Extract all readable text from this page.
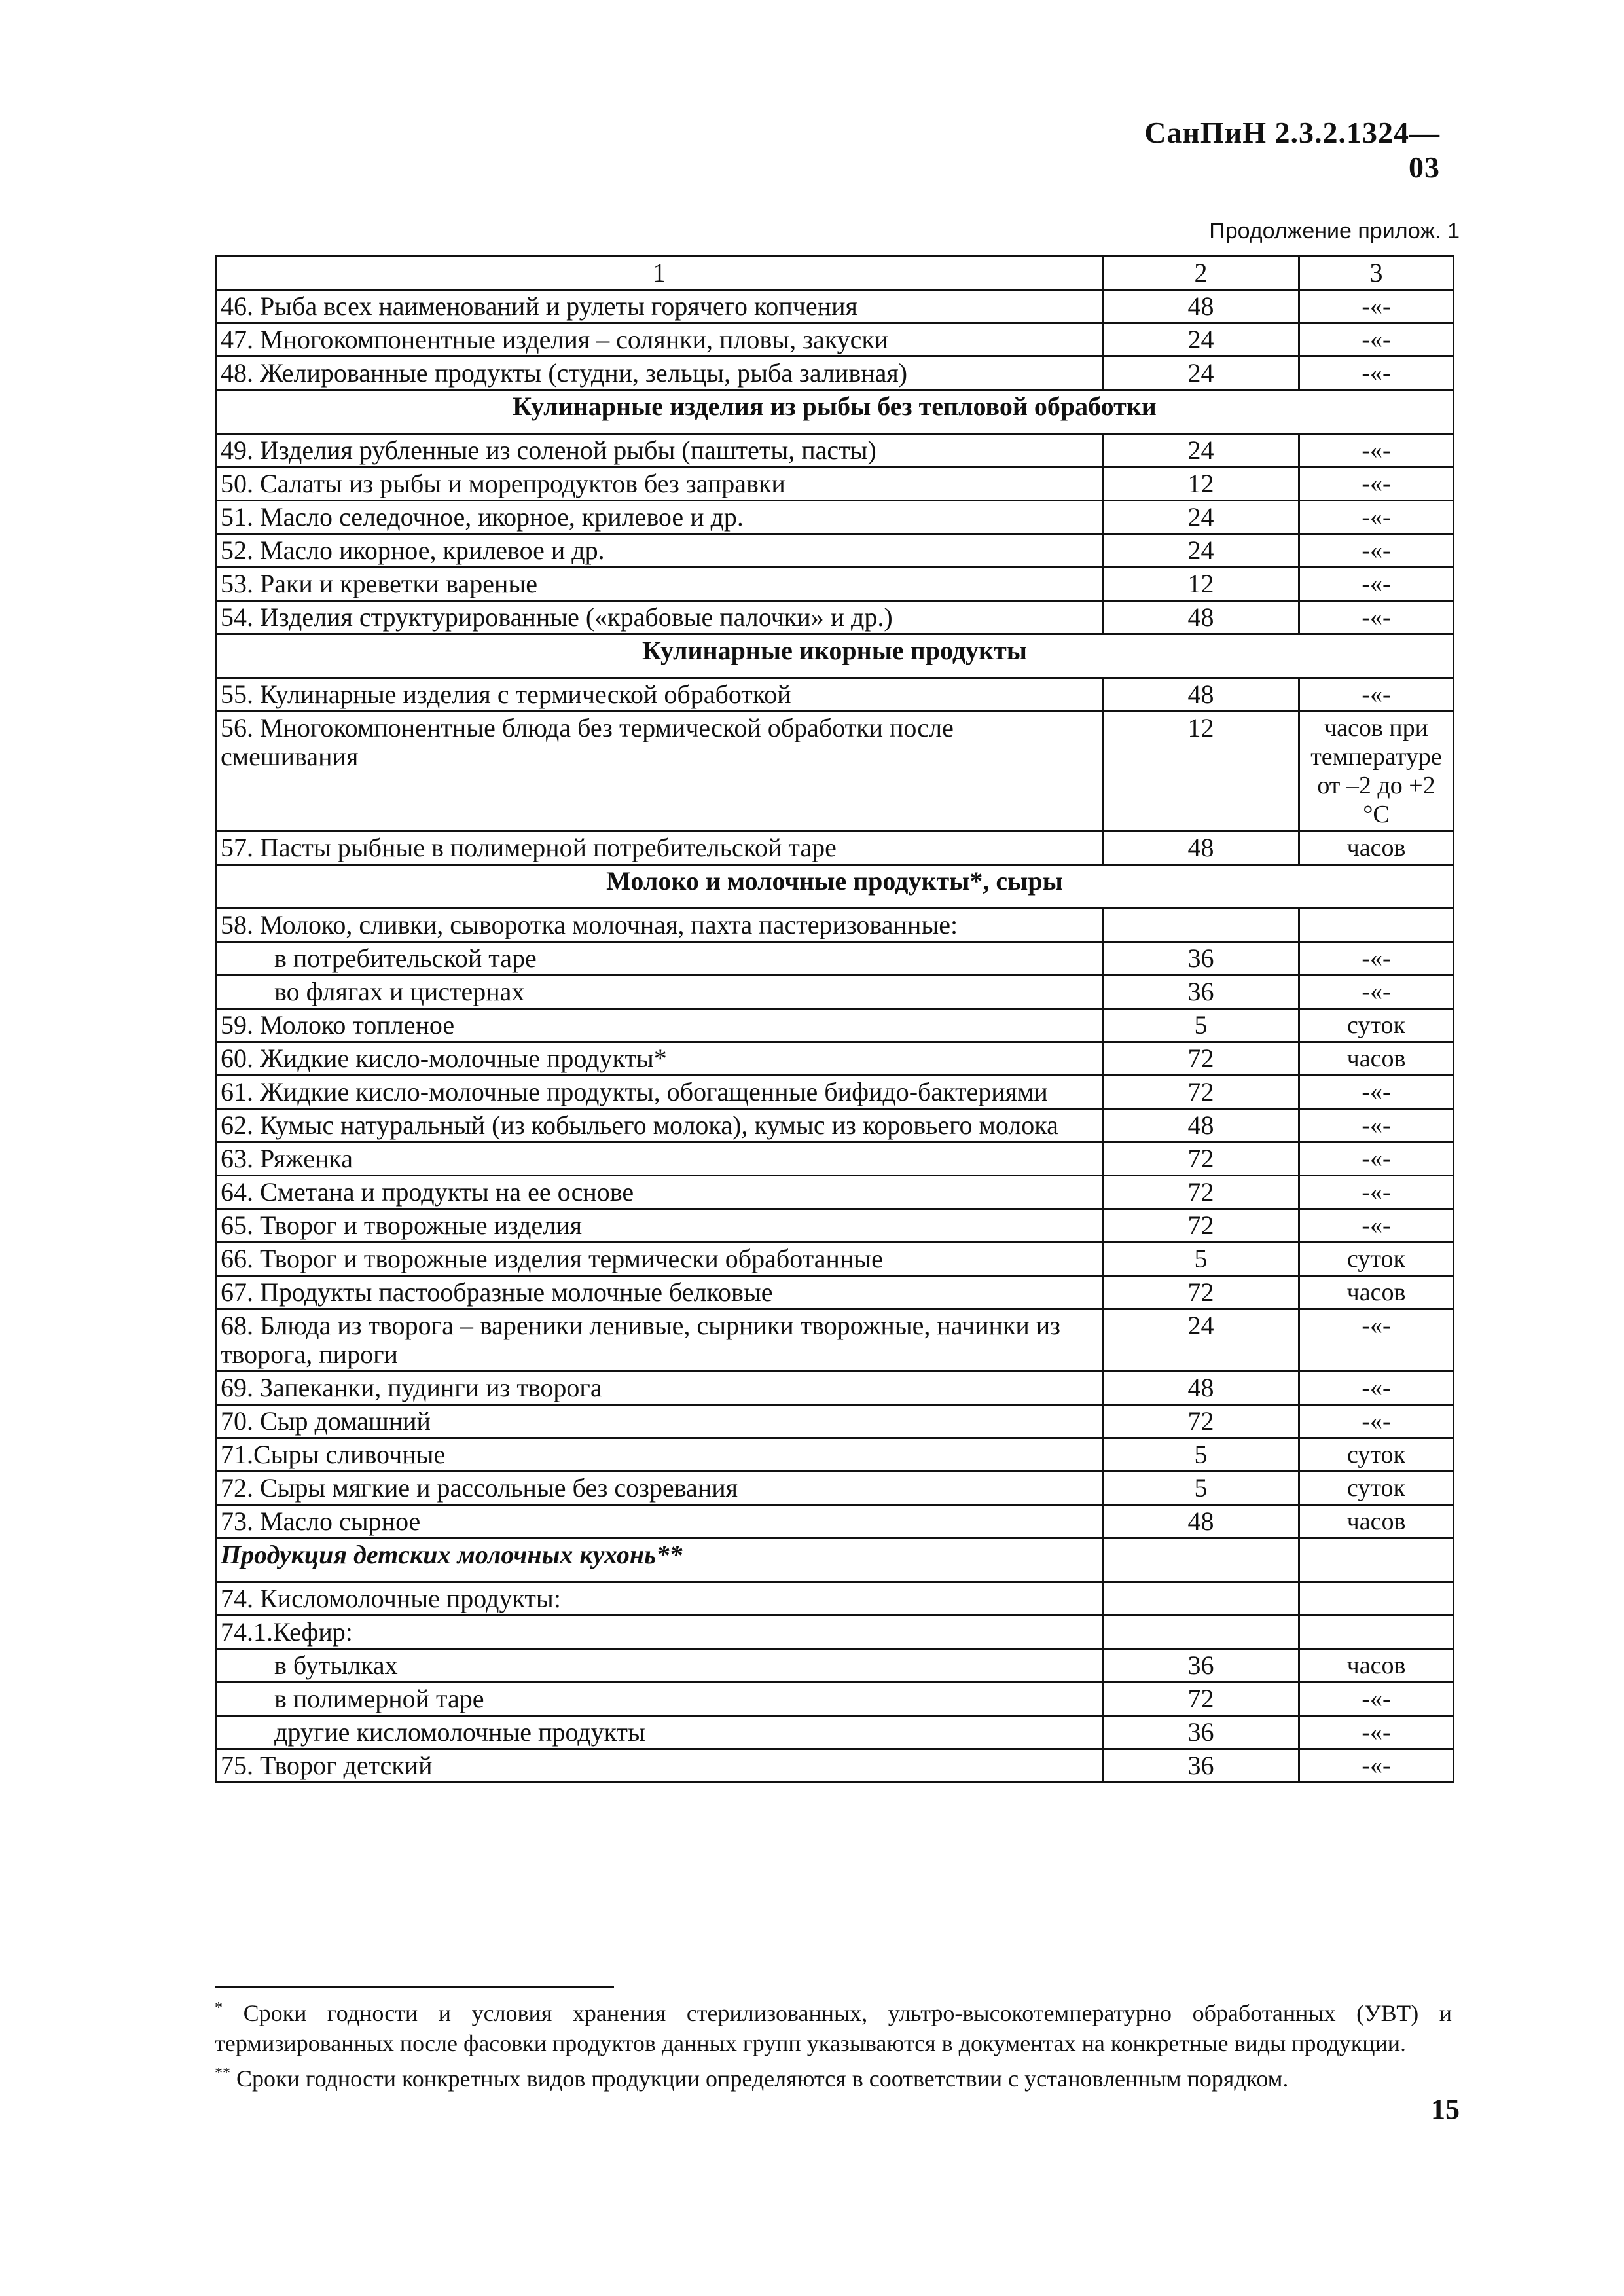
СанПиН 2.3.2.1324—03
Продолжение прилож. 1
1	2	3
46. Рыба всех наименований и рулеты горячего копчения	48	-«-
47. Многокомпонентные изделия – солянки, пловы, закуски	24	-«-
48. Желированные продукты (студни, зельцы, рыба заливная)	24	-«-
Кулинарные изделия из рыбы без тепловой обработки		
49. Изделия рубленные из соленой рыбы (паштеты, пасты)	24	-«-
50. Салаты из рыбы и морепродуктов без заправки	12	-«-
51. Масло селедочное, икорное, крилевое и др.	24	-«-
52. Масло икорное, крилевое и др.	24	-«-
53. Раки и креветки вареные	12	-«-
54. Изделия структурированные («крабовые палочки» и др.)	48	-«-
Кулинарные икорные продукты		
55. Кулинарные изделия с термической обработкой	48	-«-
56. Многокомпонентные блюда без термической обработки после смешивания	12	часов при температуре от –2 до +2 °С
57. Пасты рыбные в полимерной потребительской таре	48	часов
Молоко и молочные продукты*, сыры		
58. Молоко, сливки, сыворотка молочная, пахта пастеризованные:		
в потребительской таре	36	-«-
во флягах и цистернах	36	-«-
59. Молоко топленое	5	суток
60. Жидкие кисло-молочные продукты*	72	часов
61. Жидкие кисло-молочные продукты, обогащенные бифидо-бактериями	72	-«-
62. Кумыс натуральный (из кобыльего молока), кумыс из коровьего молока	48	-«-
63. Ряженка	72	-«-
64. Сметана и продукты на ее основе	72	-«-
65. Творог и творожные изделия	72	-«-
66. Творог и творожные изделия термически обработанные	5	суток
67. Продукты пастообразные молочные белковые	72	часов
68. Блюда из творога – вареники ленивые, сырники творожные, начинки из творога, пироги	24	-«-
69. Запеканки, пудинги из творога	48	-«-
70. Сыр домашний	72	-«-
71.Сыры сливочные	5	суток
72. Сыры мягкие и рассольные без созревания	5	суток
73. Масло сырное	48	часов
Продукция детских молочных кухонь**		
74. Кисломолочные продукты:		
74.1.Кефир:		
в бутылках	36	часов
в полимерной таре	72	-«-
другие кисломолочные продукты	36	-«-
75. Творог детский	36	-«-

* Сроки годности и условия хранения стерилизованных, ультро-высокотемпературно обработанных (УВТ) и термизированных после фасовки продуктов данных групп указываются в документах на конкретные виды продукции.

** Сроки годности конкретных видов продукции определяются в соответствии с установленным порядком.

15
